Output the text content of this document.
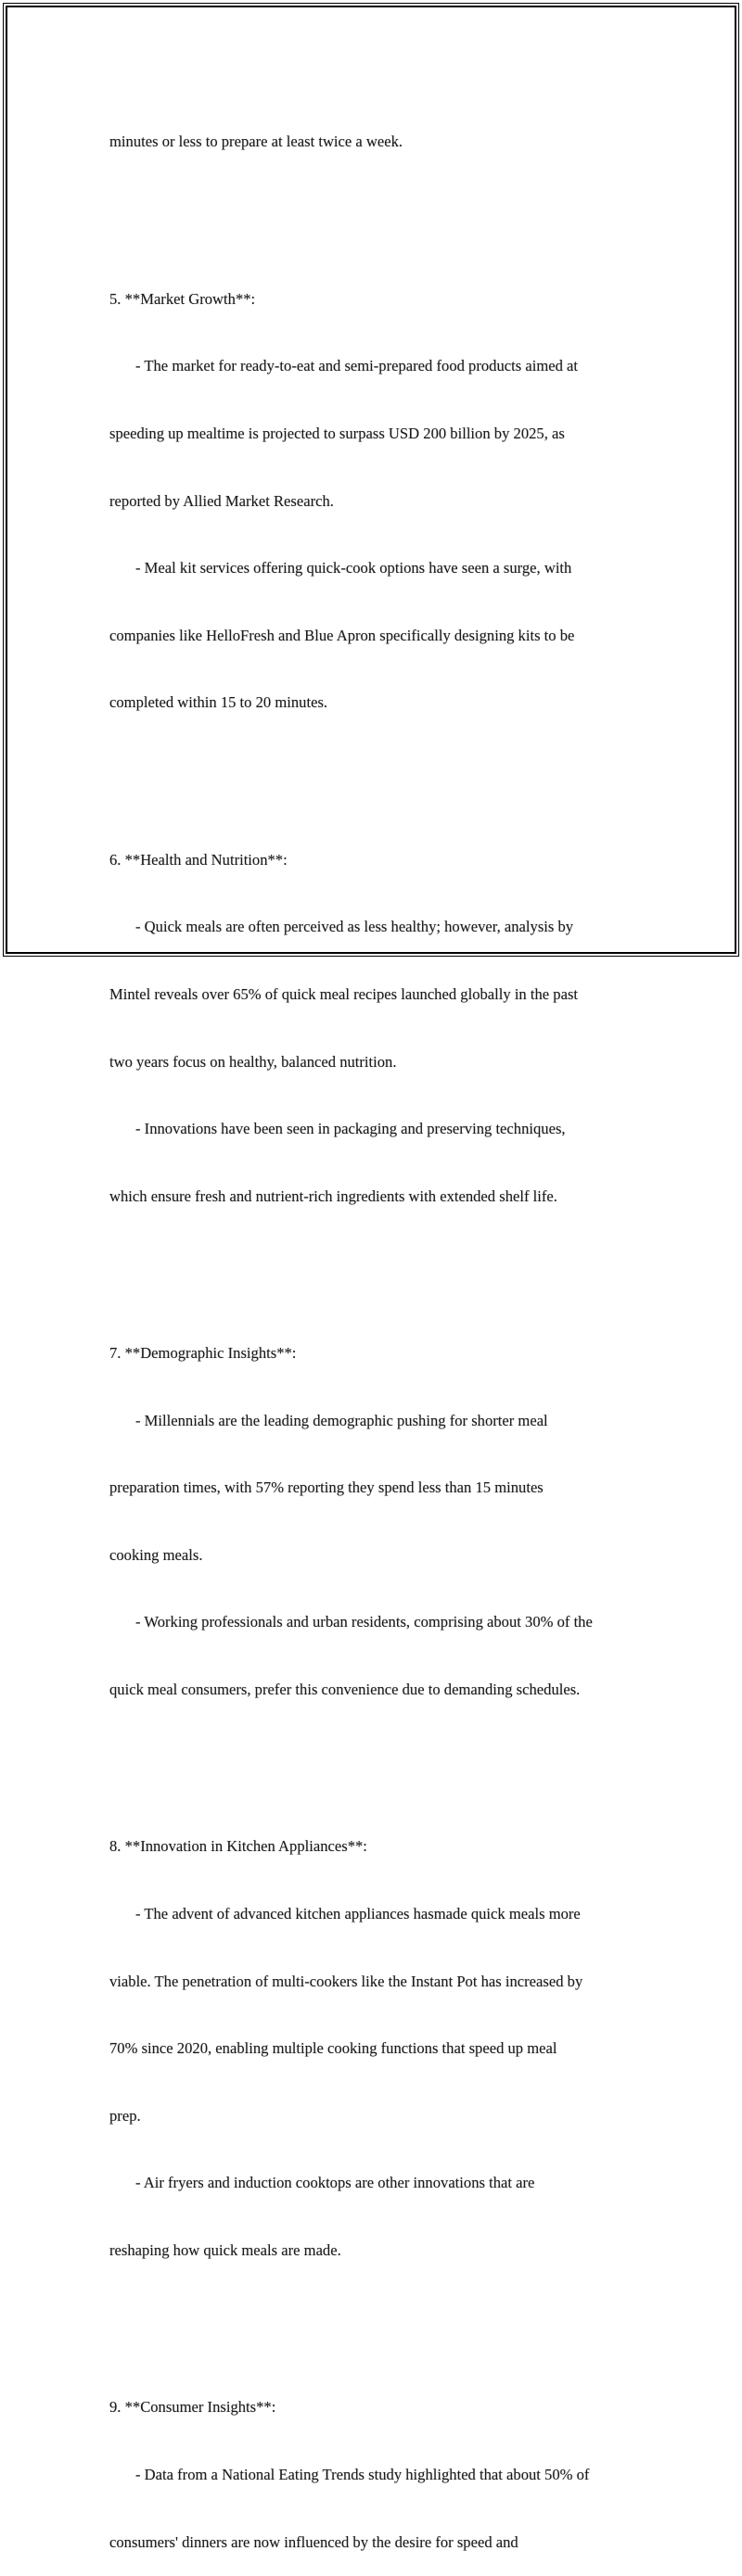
minutes or less to prepare at least twice a week.

5. **Market Growth**:

- The market for ready-to-eat and semi-prepared food products aimed at

speeding up mealtime is projected to surpass USD 200 billion by 2025, as

reported by Allied Market Research.

- Meal kit services offering quick-cook options have seen a surge, with

companies like HelloFresh and Blue Apron specifically designing kits to be

completed within 15 to 20 minutes.

6. **Health and Nutrition**:

- Quick meals are often perceived as less healthy; however, analysis by

Mintel reveals over 65% of quick meal recipes launched globally in the past

two years focus on healthy, balanced nutrition.

- Innovations have been seen in packaging and preserving techniques,

which ensure fresh and nutrient-rich ingredients with extended shelf life.

7. **Demographic Insights**:

- Millennials are the leading demographic pushing for shorter meal

preparation times, with 57% reporting they spend less than 15 minutes

cooking meals.

- Working professionals and urban residents, comprising about 30% of the

quick meal consumers, prefer this convenience due to demanding schedules.

8. **Innovation in Kitchen Appliances**:

- The advent of advanced kitchen appliances hasmade quick meals more

viable. The penetration of multi-cookers like the Instant Pot has increased by

70% since 2020, enabling multiple cooking functions that speed up meal

prep.

- Air fryers and induction cooktops are other innovations that are

reshaping how quick meals are made.

9. **Consumer Insights**:

- Data from a National Eating Trends study highlighted that about 50% of

consumers' dinners are now influenced by the desire for speed and
